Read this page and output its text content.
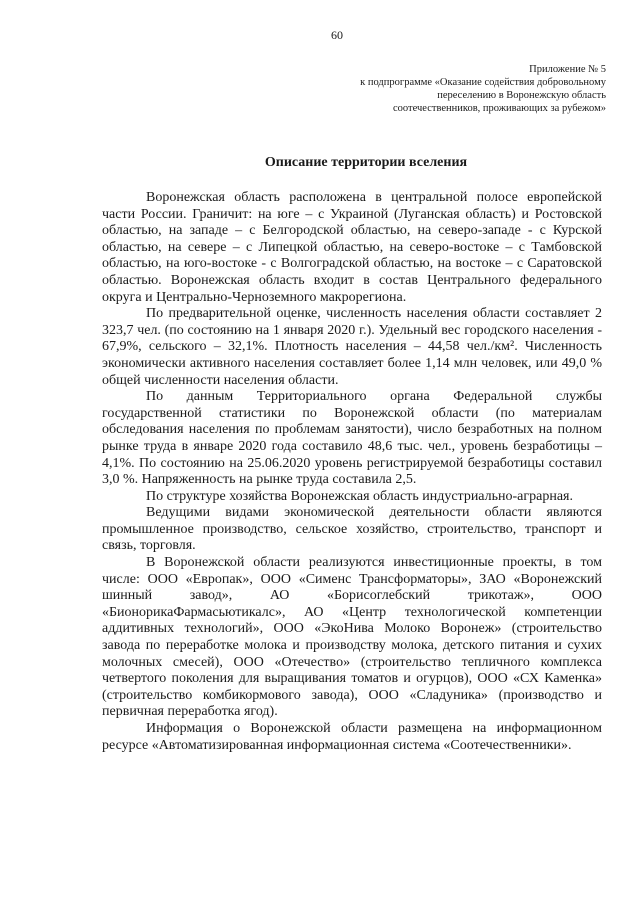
60
Приложение № 5
к подпрограмме «Оказание содействия добровольному
переселению в Воронежскую область
соотечественников, проживающих за рубежом»
Описание территории вселения

Воронежская область расположена в центральной полосе европейской части России. Граничит: на юге – с Украиной (Луганская область) и Ростовской областью, на западе – с Белгородской областью, на северо-западе - с Курской областью, на севере – с Липецкой областью, на северо-востоке – с Тамбовской областью, на юго-востоке - с Волгоградской областью, на востоке – с Саратовской областью. Воронежская область входит в состав Центрального федерального округа и Центрально-Черноземного макрорегиона.

По предварительной оценке, численность населения области составляет 2 323,7 чел. (по состоянию на 1 января 2020 г.). Удельный вес городского населения - 67,9%, сельского – 32,1%. Плотность населения – 44,58 чел./км². Численность экономически активного населения составляет более 1,14 млн человек, или 49,0 % общей численности населения области.

По данным Территориального органа Федеральной службы государственной статистики по Воронежской области (по материалам обследования населения по проблемам занятости), число безработных на полном рынке труда в январе 2020 года составило 48,6 тыс. чел., уровень безработицы – 4,1%. По состоянию на 25.06.2020 уровень регистрируемой безработицы составил 3,0 %. Напряженность на рынке труда составила 2,5.

По структуре хозяйства Воронежская область индустриально-аграрная.

Ведущими видами экономической деятельности области являются промышленное производство, сельское хозяйство, строительство, транспорт и связь, торговля.

В Воронежской области реализуются инвестиционные проекты, в том числе: ООО «Европак», ООО «Сименс Трансформаторы», ЗАО «Воронежский шинный завод», АО «Борисоглебский трикотаж», ООО «БионорикаФармасьютикалс», АО «Центр технологической компетенции аддитивных технологий», ООО «ЭкоНива Молоко Воронеж» (строительство завода по переработке молока и производству молока, детского питания и сухих молочных смесей), ООО «Отечество» (строительство тепличного комплекса четвертого поколения для выращивания томатов и огурцов), ООО «СХ Каменка» (строительство комбикормового завода), ООО «Сладуника» (производство и первичная переработка ягод).

Информация о Воронежской области размещена на информационном ресурсе «Автоматизированная информационная система «Соотечественники».
